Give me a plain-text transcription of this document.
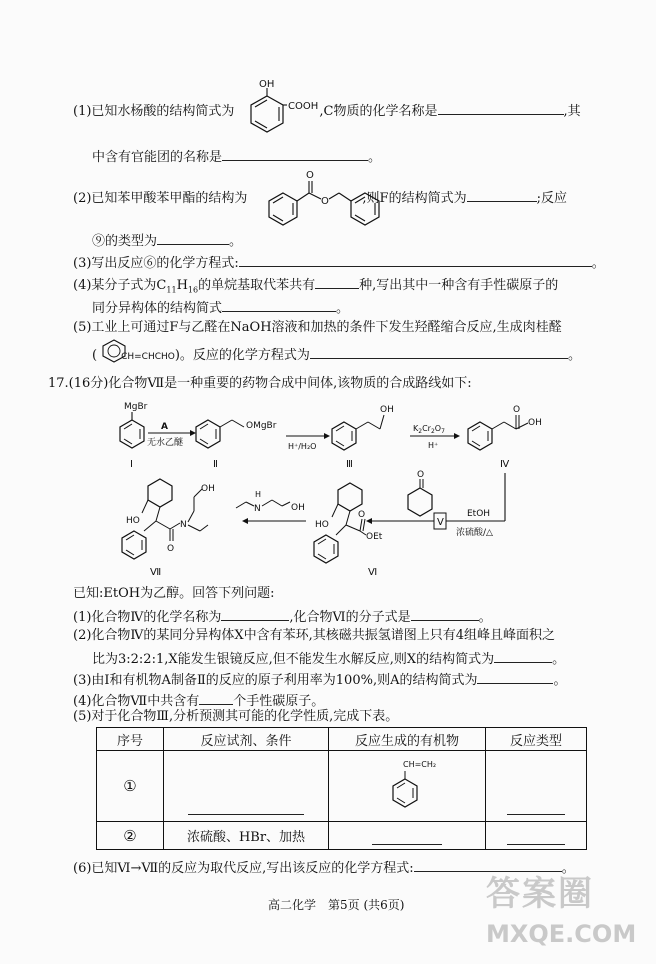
(1)已知水杨酸的结构简式为	,C物质的化学名称是	,其
OH
COOH
中含有官能团的名称是	。
(2)已知苯甲酸苯甲酯的结构为	,则F的结构简式为	;反应
O
O
⑨的类型为	。
(3)写出反应⑥的化学方程式:	。
(4)某分子式为$C_{11}H_{16}$的单烷基取代苯共有	种,写出其中一种含有手性碳原子的
同分异构体的结构简式	。
(5)工业上可通过F与乙醛在NaOH溶液和加热的条件下发生羟醛缩合反应,生成肉桂醛
(	CH=CHCHO)。反应的化学方程式为	。
17.(16分)化合物Ⅶ是一种重要的药物合成中间体,该物质的合成路线如下:
MgBr
Ⅰ
A
无水乙醚
OMgBr
Ⅱ
H⁺/H₂O
OH
Ⅲ
$K_2Cr_2O_7$
H⁺
O
OH
Ⅳ
Ⅴ
EtOH
浓硫酸/△
O
HO
O
OEt
Ⅵ
N
H
OH
HO
O
N
OH
Ⅶ
已知:EtOH为乙醇。回答下列问题:
(1)化合物Ⅳ的化学名称为	,化合物Ⅵ的分子式是	。
(2)化合物Ⅳ的某同分异构体X中含有苯环,其核磁共振氢谱图上只有4组峰且峰面积之
比为3:2:2:1,X能发生银镜反应,但不能发生水解反应,则X的结构简式为	。
(3)由Ⅰ和有机物A制备Ⅱ的反应的原子利用率为100%,则A的结构简式为	。
(4)化合物Ⅶ中共含有	个手性碳原子。
(5)对于化合物Ⅲ,分析预测其可能的化学性质,完成下表。
序号	反应试剂、条件	反应生成的有机物	反应类型
①		CH=CH₂	

②	浓硫酸、HBr、加热	

(6)已知Ⅵ→Ⅶ的反应为取代反应,写出该反应的化学方程式:	。
高二化学　第5页 (共6页) 答案圈
MXQE.COM
